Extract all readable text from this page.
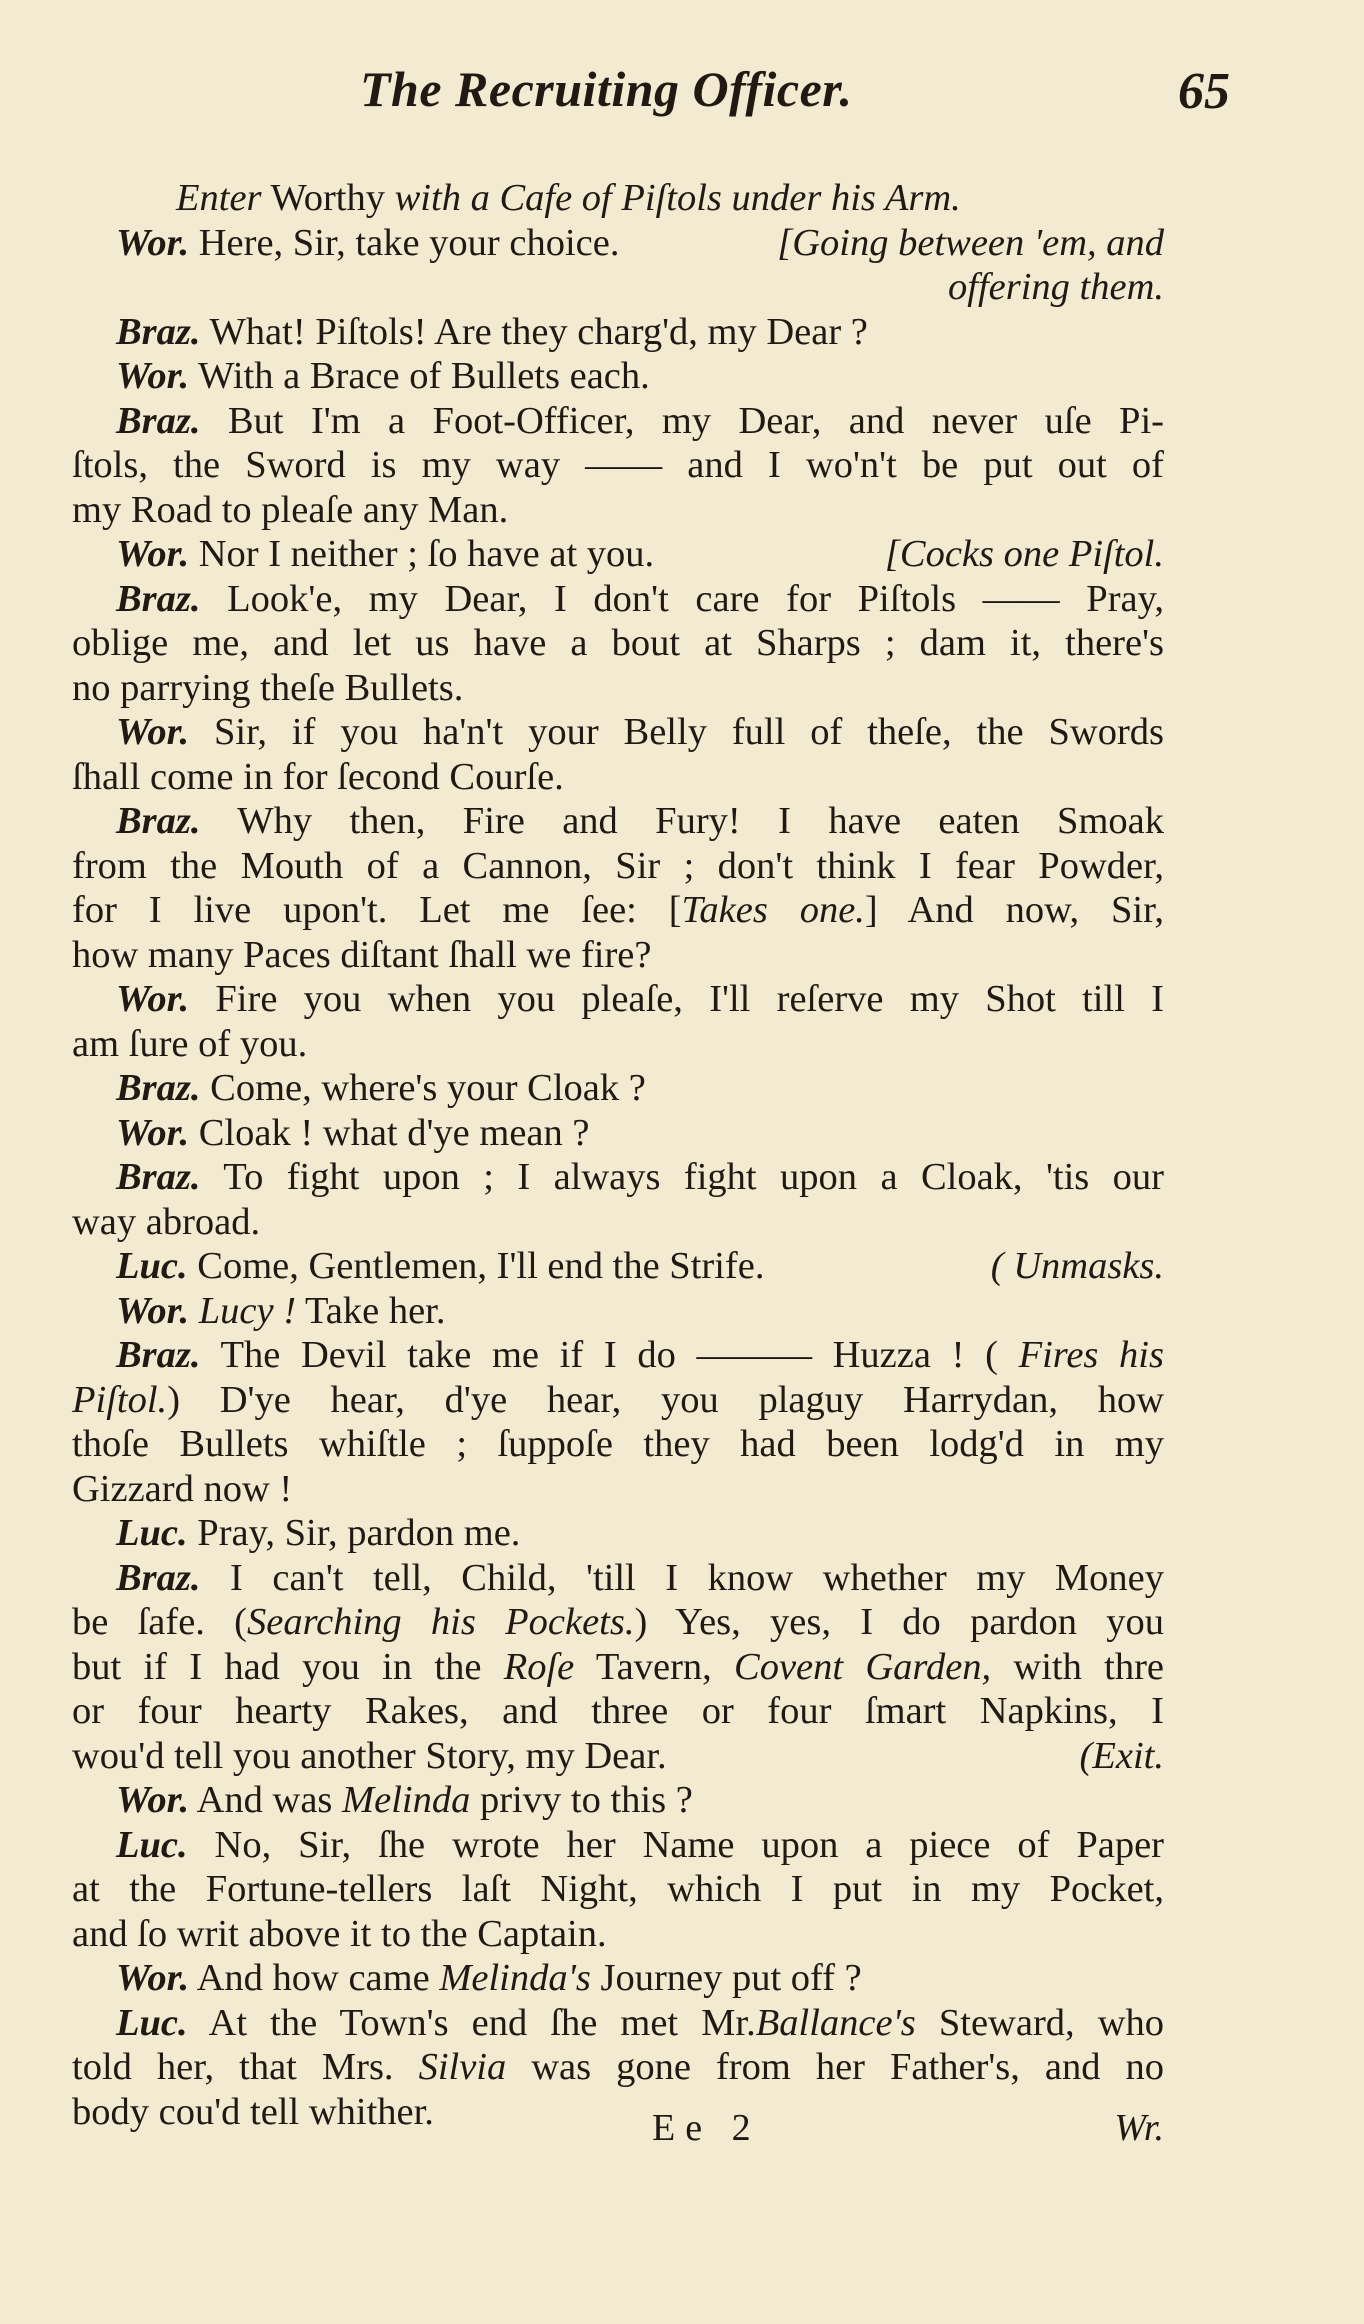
The Recruiting Officer.	65
Enter Worthy with a Cafe of Piſtols under his Arm.
Wor. Here, Sir, take your choice.	[Going between 'em, and
offering them.
Braz. What! Piſtols! Are they charg'd, my Dear ?
Wor. With a Brace of Bullets each.
Braz. But I'm a Foot-Officer, my Dear, and never uſe Pi-
ſtols, the Sword is my way —— and I wo'n't be put out of
my Road to pleaſe any Man.
Wor. Nor I neither ; ſo have at you.	[Cocks one Piſtol.
Braz. Look'e, my Dear, I don't care for Piſtols —— Pray,
oblige me, and let us have a bout at Sharps ; dam it, there's
no parrying theſe Bullets.
Wor. Sir, if you ha'n't your Belly full of theſe, the Swords
ſhall come in for ſecond Courſe.
Braz. Why then, Fire and Fury! I have eaten Smoak
from the Mouth of a Cannon, Sir ; don't think I fear Powder,
for I live upon't. Let me ſee: [Takes one.] And now, Sir,
how many Paces diſtant ſhall we fire?
Wor. Fire you when you pleaſe, I'll reſerve my Shot till I
am ſure of you.
Braz. Come, where's your Cloak ?
Wor. Cloak ! what d'ye mean ?
Braz. To fight upon ; I always fight upon a Cloak, 'tis our
way abroad.
Luc. Come, Gentlemen, I'll end the Strife.	( Unmasks.
Wor. Lucy ! Take her.
Braz. The Devil take me if I do ——— Huzza ! ( Fires his
Piſtol.) D'ye hear, d'ye hear, you plaguy Harrydan, how
thoſe Bullets whiſtle ; ſuppoſe they had been lodg'd in my
Gizzard now !
Luc. Pray, Sir, pardon me.
Braz. I can't tell, Child, 'till I know whether my Money
be ſafe. (Searching his Pockets.) Yes, yes, I do pardon you
but if I had you in the Roſe Tavern, Covent Garden, with thre
or four hearty Rakes, and three or four ſmart Napkins, I
wou'd tell you another Story, my Dear.	(Exit.
Wor. And was Melinda privy to this ?
Luc. No, Sir, ſhe wrote her Name upon a piece of Paper
at the Fortune-tellers laſt Night, which I put in my Pocket,
and ſo writ above it to the Captain.
Wor. And how came Melinda's Journey put off ?
Luc. At the Town's end ſhe met Mr.Ballance's Steward, who
told her, that Mrs. Silvia was gone from her Father's, and no
body cou'd tell whither.	Ee 2	Wr.
